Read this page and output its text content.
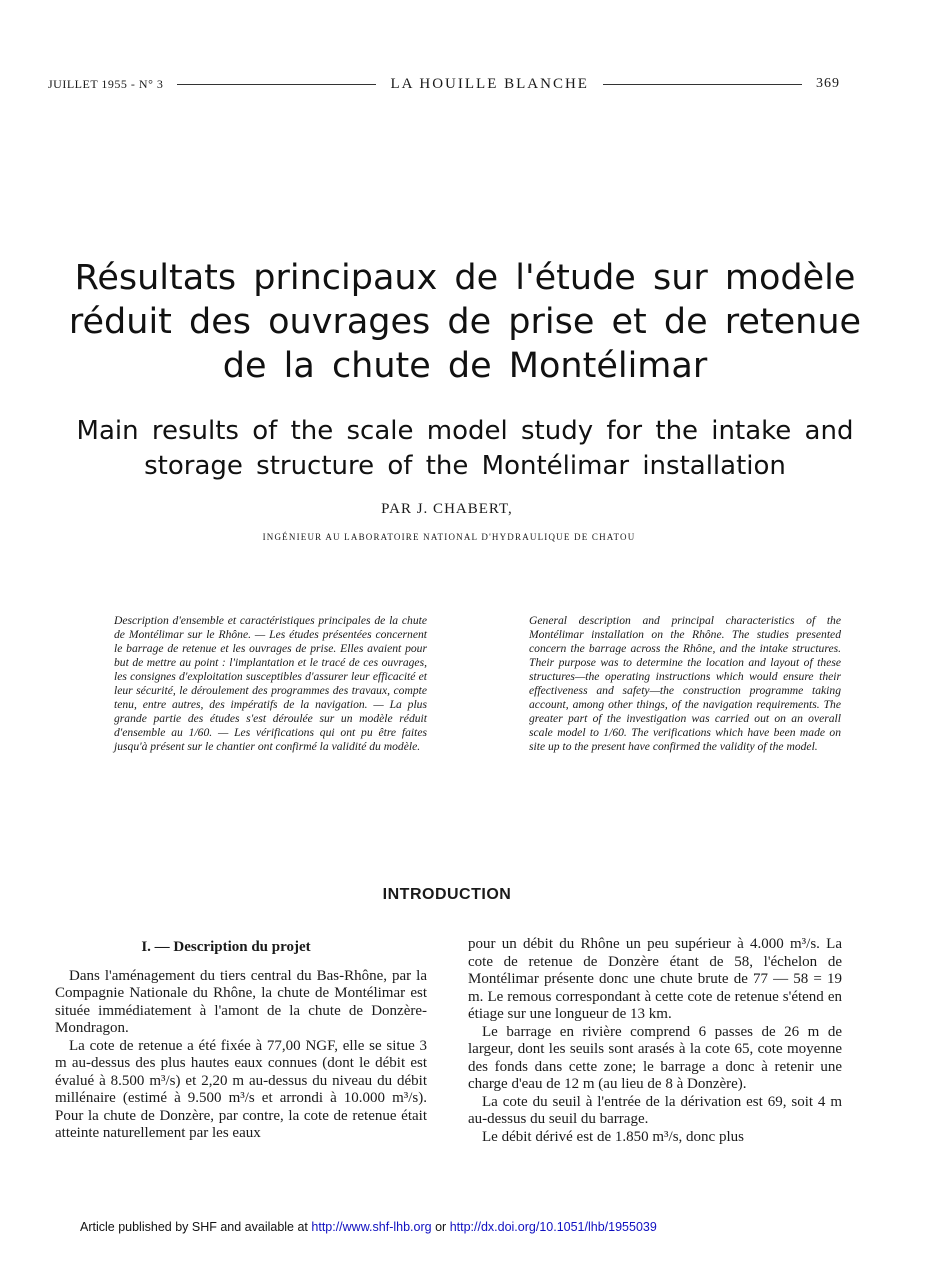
JUILLET 1955 - N° 3	LA HOUILLE BLANCHE	369
Résultats principaux de l'étude sur modèle réduit des ouvrages de prise et de retenue de la chute de Montélimar
Main results of the scale model study for the intake and storage structure of the Montélimar installation
PAR J. CHABERT,
INGÉNIEUR AU LABORATOIRE NATIONAL D'HYDRAULIQUE DE CHATOU

Description d'ensemble et caractéristiques principales de la chute de Montélimar sur le Rhône. — Les études présentées concernent le barrage de retenue et les ouvrages de prise. Elles avaient pour but de mettre au point : l'implantation et le tracé de ces ouvrages, les consignes d'exploitation susceptibles d'assurer leur efficacité et leur sécurité, le déroulement des programmes des travaux, compte tenu, entre autres, des impératifs de la navigation. — La plus grande partie des études s'est déroulée sur un modèle réduit d'ensemble au 1/60. — Les vérifications qui ont pu être faites jusqu'à présent sur le chantier ont confirmé la validité du modèle.

General description and principal characteristics of the Montélimar installation on the Rhône. The studies presented concern the barrage across the Rhône, and the intake structures. Their purpose was to determine the location and layout of these structures—the operating instructions which would ensure their effectiveness and safety—the construction programme taking account, among other things, of the navigation requirements. The greater part of the investigation was carried out on an overall scale model to 1/60. The verifications which have been made on site up to the present have confirmed the validity of the model.

INTRODUCTION
I. — Description du projet

Dans l'aménagement du tiers central du Bas-Rhône, par la Compagnie Nationale du Rhône, la chute de Montélimar est située immédiatement à l'amont de la chute de Donzère-Mondragon.

La cote de retenue a été fixée à 77,00 NGF, elle se situe 3 m au-dessus des plus hautes eaux connues (dont le débit est évalué à 8.500 m³/s) et 2,20 m au-dessus du niveau du débit millénaire (estimé à 9.500 m³/s et arrondi à 10.000 m³/s). Pour la chute de Donzère, par contre, la cote de retenue était atteinte naturellement par les eaux

pour un débit du Rhône un peu supérieur à 4.000 m³/s. La cote de retenue de Donzère étant de 58, l'échelon de Montélimar présente donc une chute brute de 77 — 58 = 19 m. Le remous correspondant à cette cote de retenue s'étend en étiage sur une longueur de 13 km.

Le barrage en rivière comprend 6 passes de 26 m de largeur, dont les seuils sont arasés à la cote 65, cote moyenne des fonds dans cette zone; le barrage a donc à retenir une charge d'eau de 12 m (au lieu de 8 à Donzère).

La cote du seuil à l'entrée de la dérivation est 69, soit 4 m au-dessus du seuil du barrage.

Le débit dérivé est de 1.850 m³/s, donc plus

Article published by SHF and available at http://www.shf-lhb.org or http://dx.doi.org/10.1051/lhb/1955039
